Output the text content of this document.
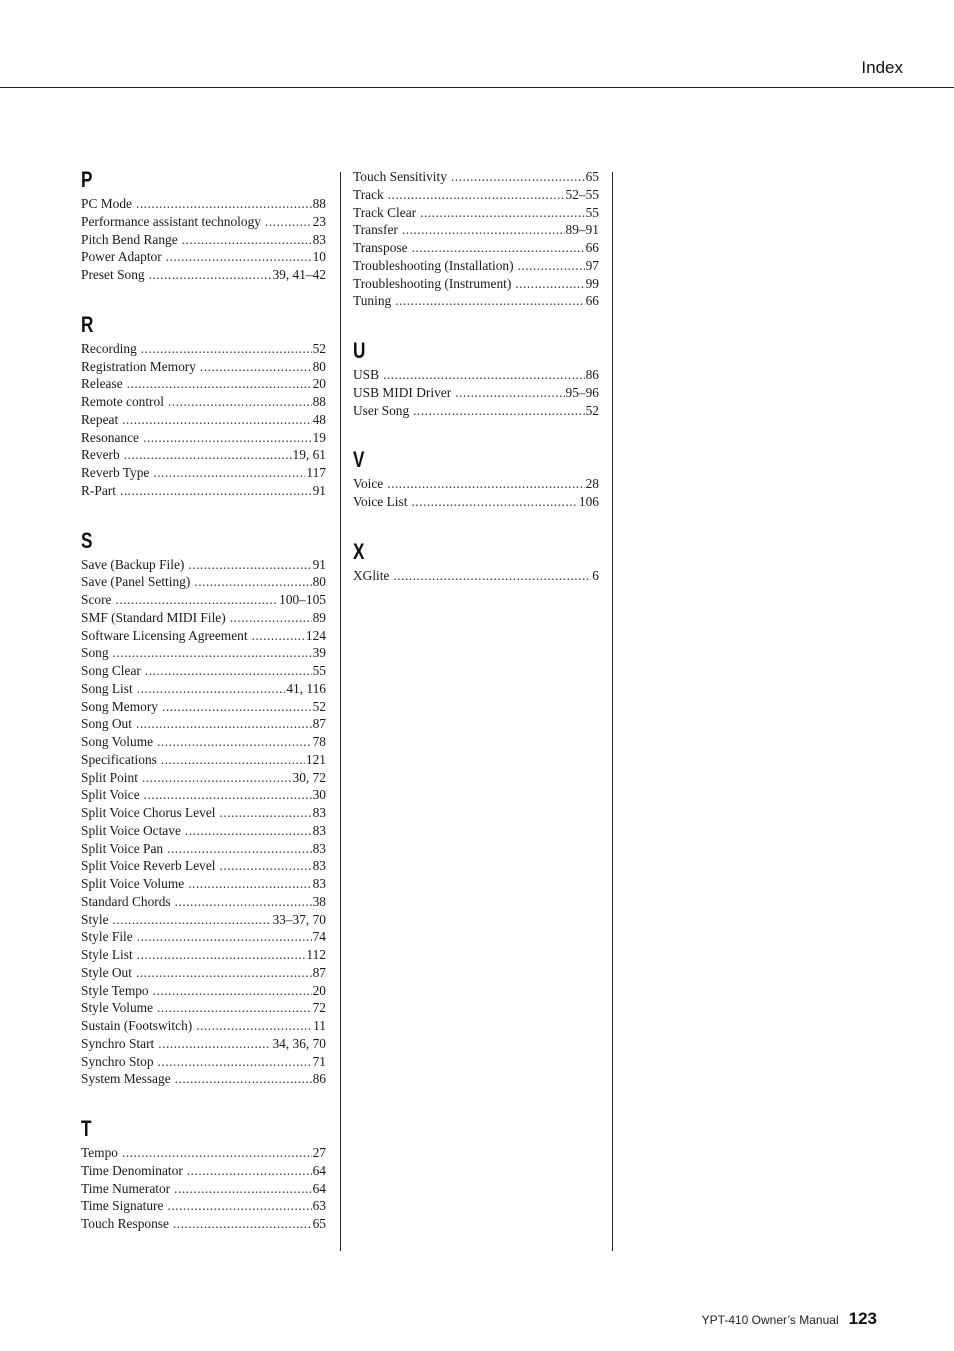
Index
P
PC Mode .....	88
Performance assistant technology .....	23
Pitch Bend Range .....	83
Power Adaptor .....	10
Preset Song .....	39, 41–42
R
Recording .....	52
Registration Memory .....	80
Release .....	20
Remote control .....	88
Repeat .....	48
Resonance .....	19
Reverb .....	19, 61
Reverb Type .....	117
R-Part .....	91
S
Save (Backup File) .....	91
Save (Panel Setting) .....	80
Score .....	100–105
SMF (Standard MIDI File) .....	89
Software Licensing Agreement .....	124
Song .....	39
Song Clear .....	55
Song List .....	41, 116
Song Memory .....	52
Song Out .....	87
Song Volume .....	78
Specifications .....	121
Split Point .....	30, 72
Split Voice .....	30
Split Voice Chorus Level .....	83
Split Voice Octave .....	83
Split Voice Pan .....	83
Split Voice Reverb Level .....	83
Split Voice Volume .....	83
Standard Chords .....	38
Style .....	33–37, 70
Style File .....	74
Style List .....	112
Style Out .....	87
Style Tempo .....	20
Style Volume .....	72
Sustain (Footswitch) .....	11
Synchro Start .....	34, 36, 70
Synchro Stop .....	71
System Message .....	86
T
Tempo .....	27
Time Denominator .....	64
Time Numerator .....	64
Time Signature .....	63
Touch Response .....	65
Touch Sensitivity .....	65
Track .....	52–55
Track Clear .....	55
Transfer .....	89–91
Transpose .....	66
Troubleshooting (Installation) .....	97
Troubleshooting (Instrument) .....	99
Tuning .....	66
U
USB .....	86
USB MIDI Driver .....	95–96
User Song .....	52
V
Voice .....	28
Voice List .....	106
X
XGlite .....	6
YPT-410 Owner’s Manual 123
